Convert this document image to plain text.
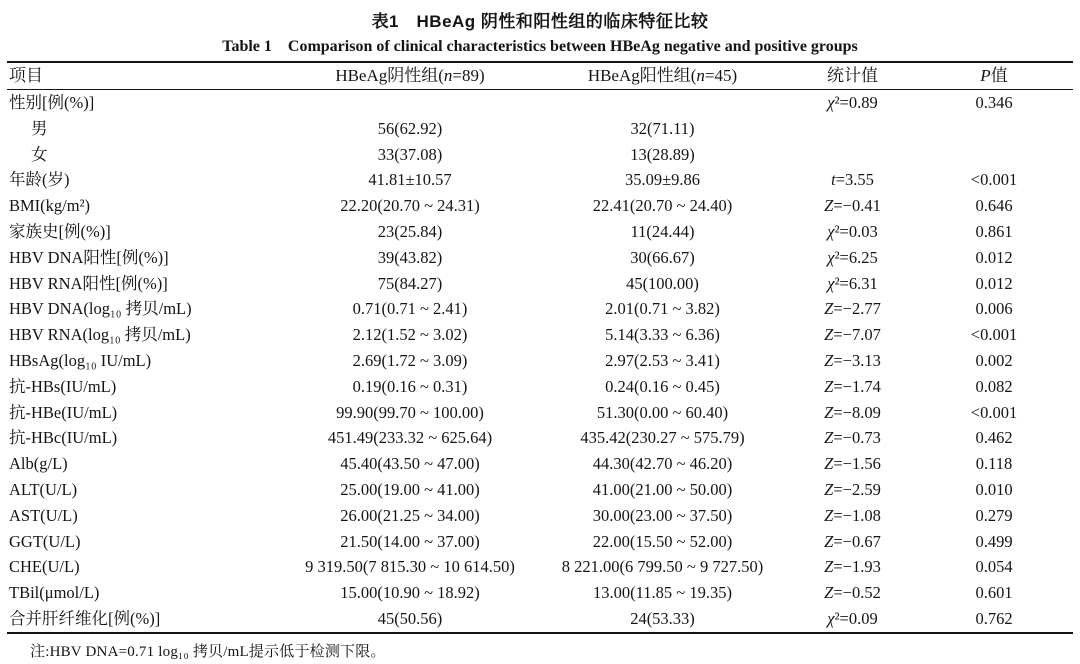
表1　HBeAg 阴性和阳性组的临床特征比较
Table 1　Comparison of clinical characteristics between HBeAg negative and positive groups
项目	HBeAg阴性组(n=89)	HBeAg阳性组(n=45)	统计值	P值
性别[例(%)]			χ²=0.89	0.346
男	56(62.92)	32(71.11)		
女	33(37.08)	13(28.89)		
年龄(岁)	41.81±10.57	35.09±9.86	t=3.55	<0.001
BMI(kg/m²)	22.20(20.70 ~ 24.31)	22.41(20.70 ~ 24.40)	Z=−0.41	0.646
家族史[例(%)]	23(25.84)	11(24.44)	χ²=0.03	0.861
HBV DNA阳性[例(%)]	39(43.82)	30(66.67)	χ²=6.25	0.012
HBV RNA阳性[例(%)]	75(84.27)	45(100.00)	χ²=6.31	0.012
HBV DNA(log₁₀ 拷贝/mL)	0.71(0.71 ~ 2.41)	2.01(0.71 ~ 3.82)	Z=−2.77	0.006
HBV RNA(log₁₀ 拷贝/mL)	2.12(1.52 ~ 3.02)	5.14(3.33 ~ 6.36)	Z=−7.07	<0.001
HBsAg(log₁₀ IU/mL)	2.69(1.72 ~ 3.09)	2.97(2.53 ~ 3.41)	Z=−3.13	0.002
抗-HBs(IU/mL)	0.19(0.16 ~ 0.31)	0.24(0.16 ~ 0.45)	Z=−1.74	0.082
抗-HBe(IU/mL)	99.90(99.70 ~ 100.00)	51.30(0.00 ~ 60.40)	Z=−8.09	<0.001
抗-HBc(IU/mL)	451.49(233.32 ~ 625.64)	435.42(230.27 ~ 575.79)	Z=−0.73	0.462
Alb(g/L)	45.40(43.50 ~ 47.00)	44.30(42.70 ~ 46.20)	Z=−1.56	0.118
ALT(U/L)	25.00(19.00 ~ 41.00)	41.00(21.00 ~ 50.00)	Z=−2.59	0.010
AST(U/L)	26.00(21.25 ~ 34.00)	30.00(23.00 ~ 37.50)	Z=−1.08	0.279
GGT(U/L)	21.50(14.00 ~ 37.00)	22.00(15.50 ~ 52.00)	Z=−0.67	0.499
CHE(U/L)	9 319.50(7 815.30 ~ 10 614.50)	8 221.00(6 799.50 ~ 9 727.50)	Z=−1.93	0.054
TBil(μmol/L)	15.00(10.90 ~ 18.92)	13.00(11.85 ~ 19.35)	Z=−0.52	0.601
合并肝纤维化[例(%)]	45(50.56)	24(53.33)	χ²=0.09	0.762
注:HBV DNA=0.71 log₁₀ 拷贝/mL提示低于检测下限。
